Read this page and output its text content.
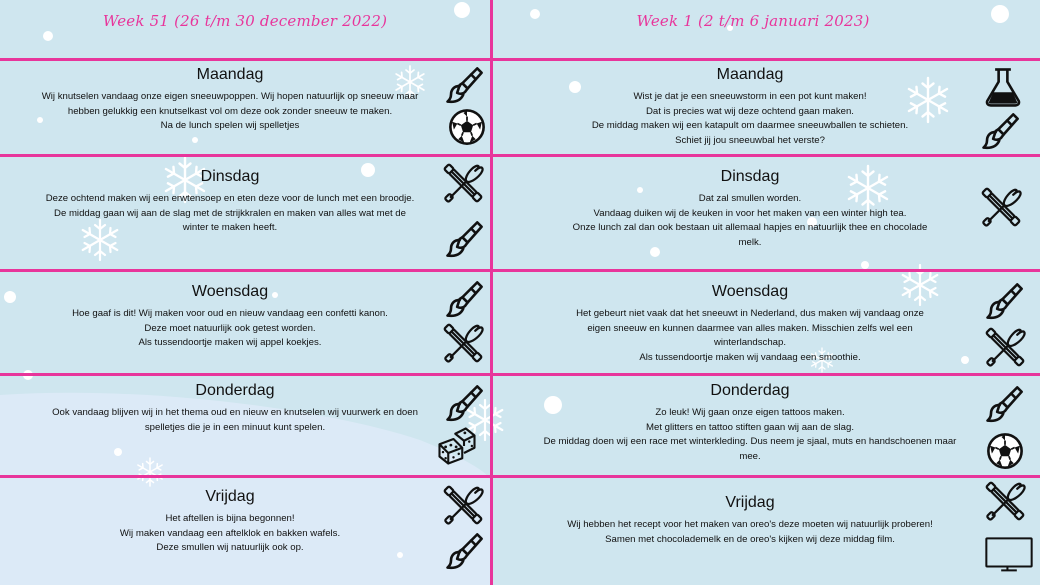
Week 51 (26 t/m 30 december 2022)	Week 1 (2 t/m 6 januari 2023)

Maandag

Wij knutselen vandaag onze eigen sneeuwpoppen. Wij hopen natuurlijk op sneeuw maar

hebben gelukkig een knutselkast vol om deze ook zonder sneeuw te maken.

Na de lunch spelen wij spelletjes

Dinsdag

Deze ochtend maken wij een erwtensoep en eten deze voor de lunch met een broodje.

De middag gaan wij aan de slag met de strijkkralen en maken van alles wat met de

winter te maken heeft.

Woensdag

Hoe gaaf is dit! Wij maken voor oud en nieuw vandaag een confetti kanon.

Deze moet natuurlijk ook getest worden.

Als tussendoortje maken wij appel koekjes.

Donderdag

Ook vandaag blijven wij in het thema oud en nieuw en knutselen wij vuurwerk en doen

spelletjes die je in een minuut kunt spelen.

Vrijdag

Het aftellen is bijna begonnen!

Wij maken vandaag een aftelklok en bakken wafels.

Deze smullen wij natuurlijk ook op.

Maandag

Wist je dat je een sneeuwstorm in een pot kunt maken!

Dat is precies wat wij deze ochtend gaan maken.

De middag maken wij een katapult om daarmee sneeuwballen te schieten.

Schiet jij jou sneeuwbal het verste?

Dinsdag

Dat zal smullen worden.

Vandaag duiken wij de keuken in voor het maken van een winter high tea.

Onze lunch zal dan ook bestaan uit allemaal hapjes en natuurlijk thee en chocolade

melk.

Woensdag

Het gebeurt niet vaak dat het sneeuwt in Nederland, dus maken wij vandaag onze

eigen sneeuw en kunnen daarmee van alles maken. Misschien zelfs wel een

winterlandschap.

Als tussendoortje maken wij vandaag een smoothie.

Donderdag

Zo leuk! Wij gaan onze eigen tattoos maken.

Met glitters en tattoo stiften gaan wij aan de slag.

De middag doen wij een race met winterkleding. Dus neem je sjaal, muts en handschoenen maar

mee.

Vrijdag

Wij hebben het recept voor het maken van oreo's deze moeten wij natuurlijk proberen!

Samen met chocolademelk en de oreo's kijken wij deze middag film.
